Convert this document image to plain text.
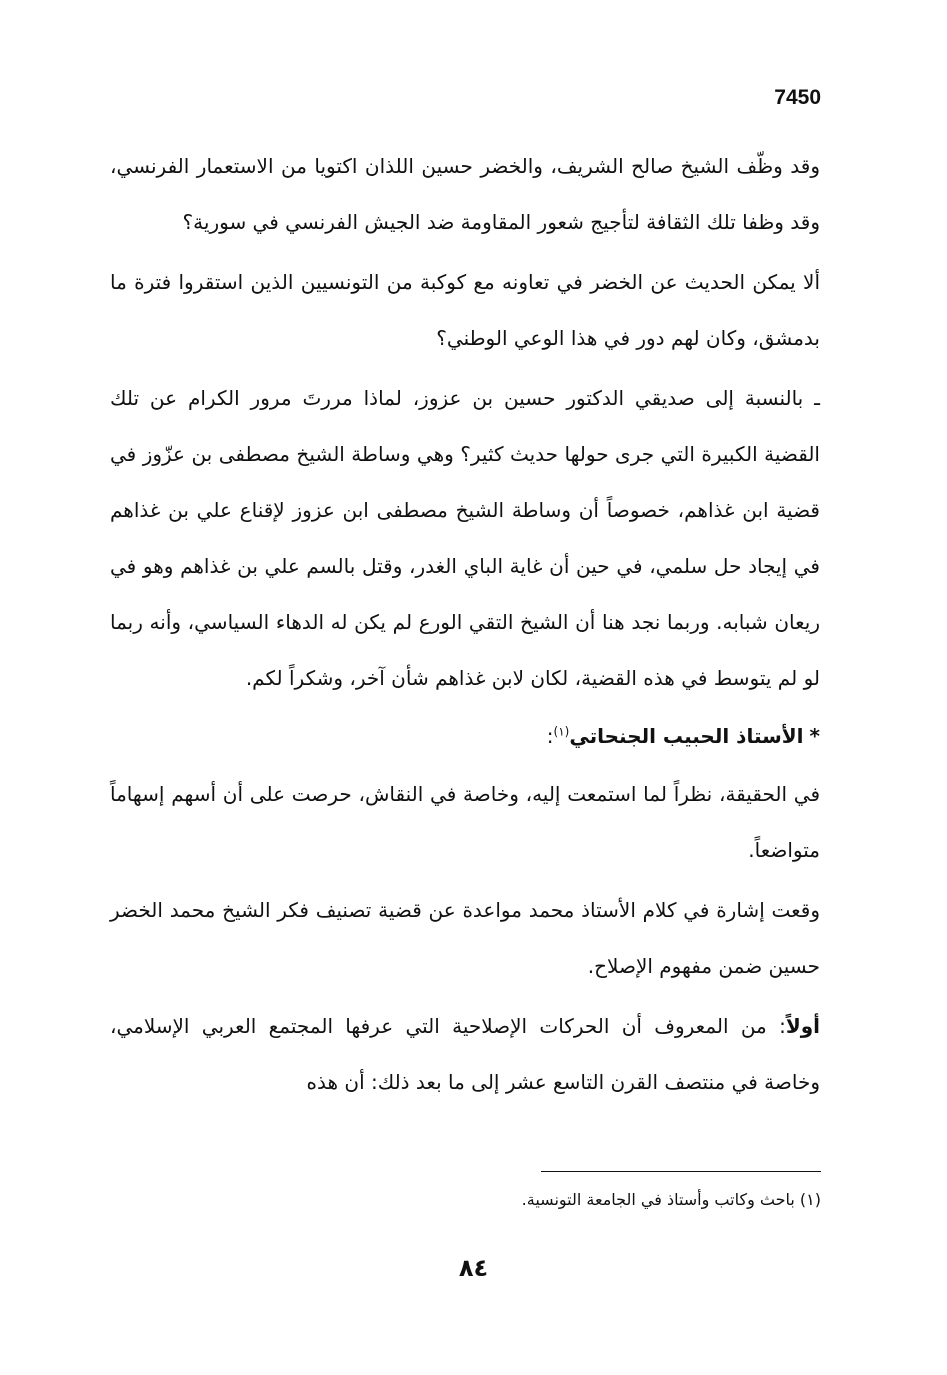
7450

وقد وظّف الشيخ صالح الشريف، والخضر حسين اللذان اكتويا من الاستعمار الفرنسي، وقد وظفا تلك الثقافة لتأجيج شعور المقاومة ضد الجيش الفرنسي في سورية؟

ألا يمكن الحديث عن الخضر في تعاونه مع كوكبة من التونسيين الذين استقروا فترة ما بدمشق، وكان لهم دور في هذا الوعي الوطني؟

ـ بالنسبة إلى صديقي الدكتور حسين بن عزوز، لماذا مررتَ مرور الكرام عن تلك القضية الكبيرة التي جرى حولها حديث كثير؟ وهي وساطة الشيخ مصطفى بن عزّوز في قضية ابن غذاهم، خصوصاً أن وساطة الشيخ مصطفى ابن عزوز لإقناع علي بن غذاهم في إيجاد حل سلمي، في حين أن غاية الباي الغدر، وقتل بالسم علي بن غذاهم وهو في ريعان شبابه. وربما نجد هنا أن الشيخ التقي الورع لم يكن له الدهاء السياسي، وأنه ربما لو لم يتوسط في هذه القضية، لكان لابن غذاهم شأن آخر، وشكراً لكم.

*الأستاذ الحبيب الجنحاتي$^{(١)}$:

في الحقيقة، نظراً لما استمعت إليه، وخاصة في النقاش، حرصت على أن أسهم إسهاماً متواضعاً.

وقعت إشارة في كلام الأستاذ محمد مواعدة عن قضية تصنيف فكر الشيخ محمد الخضر حسين ضمن مفهوم الإصلاح.

أولاً: من المعروف أن الحركات الإصلاحية التي عرفها المجتمع العربي الإسلامي، وخاصة في منتصف القرن التاسع عشر إلى ما بعد ذلك: أن هذه

(١) باحث وكاتب وأستاذ في الجامعة التونسية.
٨٤
